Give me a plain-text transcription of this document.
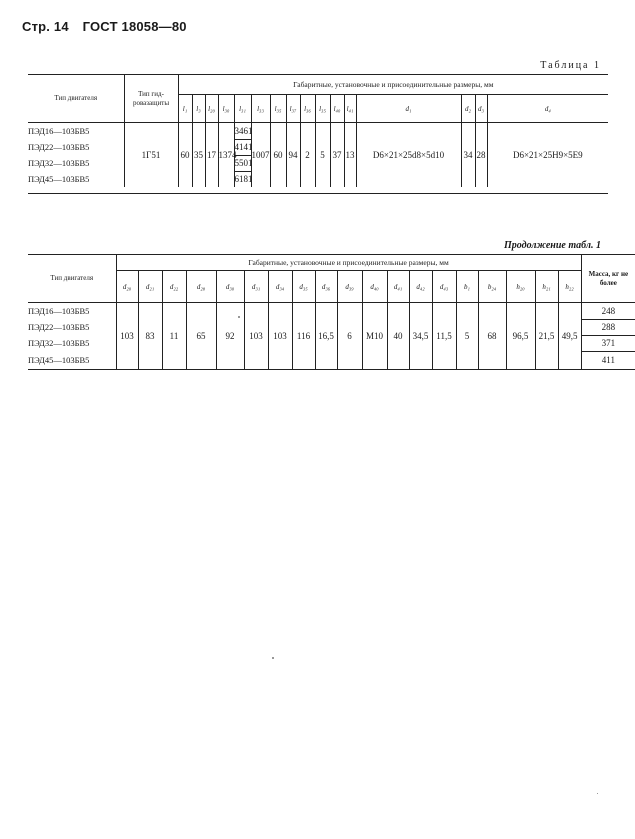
Стр. 14 ГОСТ 18058—80
Таблица 1
Тип двигателя	Тип гид-ровазащиты	Габаритные, установочные и присоединительные размеры, мм															
		l₁	l₃	l₂₀	l₃₀	l₃₁	l₃₃	l₃₅	l₃₇	l₃₆	l₃₅	l₄₀	l₄₁	d₁	d₂	d₃	d₄
ПЭД16—103БВ5	1Г51	60	35	17	1374	3461	1007	60	94	2	5	37	13	D6×21×25d8×5d10	34	28	D6×21×25H9×5E9
ПЭД22—103БВ5						4141											
ПЭД32—103БВ5						5501											
ПЭД45—103БВ5						6181											

Продолжение табл. 1
Тип двигателя	Габаритные, установочные и присоединительные размеры, мм																			Масса, кг не более
	d₂₀	d₂₁	d₂₂	d₂₈	d₃₀	d₃₁	d₃₄	d₃₅	d₃₆	d₃₉	d₄₀	d₄₁	d₄₂	d₄₃	b₁	b₂₄	h₂₀	h₂₁	h₂₂	
ПЭД16—103БВ5	103	83	11	65	92	103	103	116	16,5	6	M10	40	34,5	11,5	5	68	96,5	21,5	49,5	248
ПЭД22—103БВ5																				288
ПЭД32—103БВ5																				371
ПЭД45—103БВ5																				411
